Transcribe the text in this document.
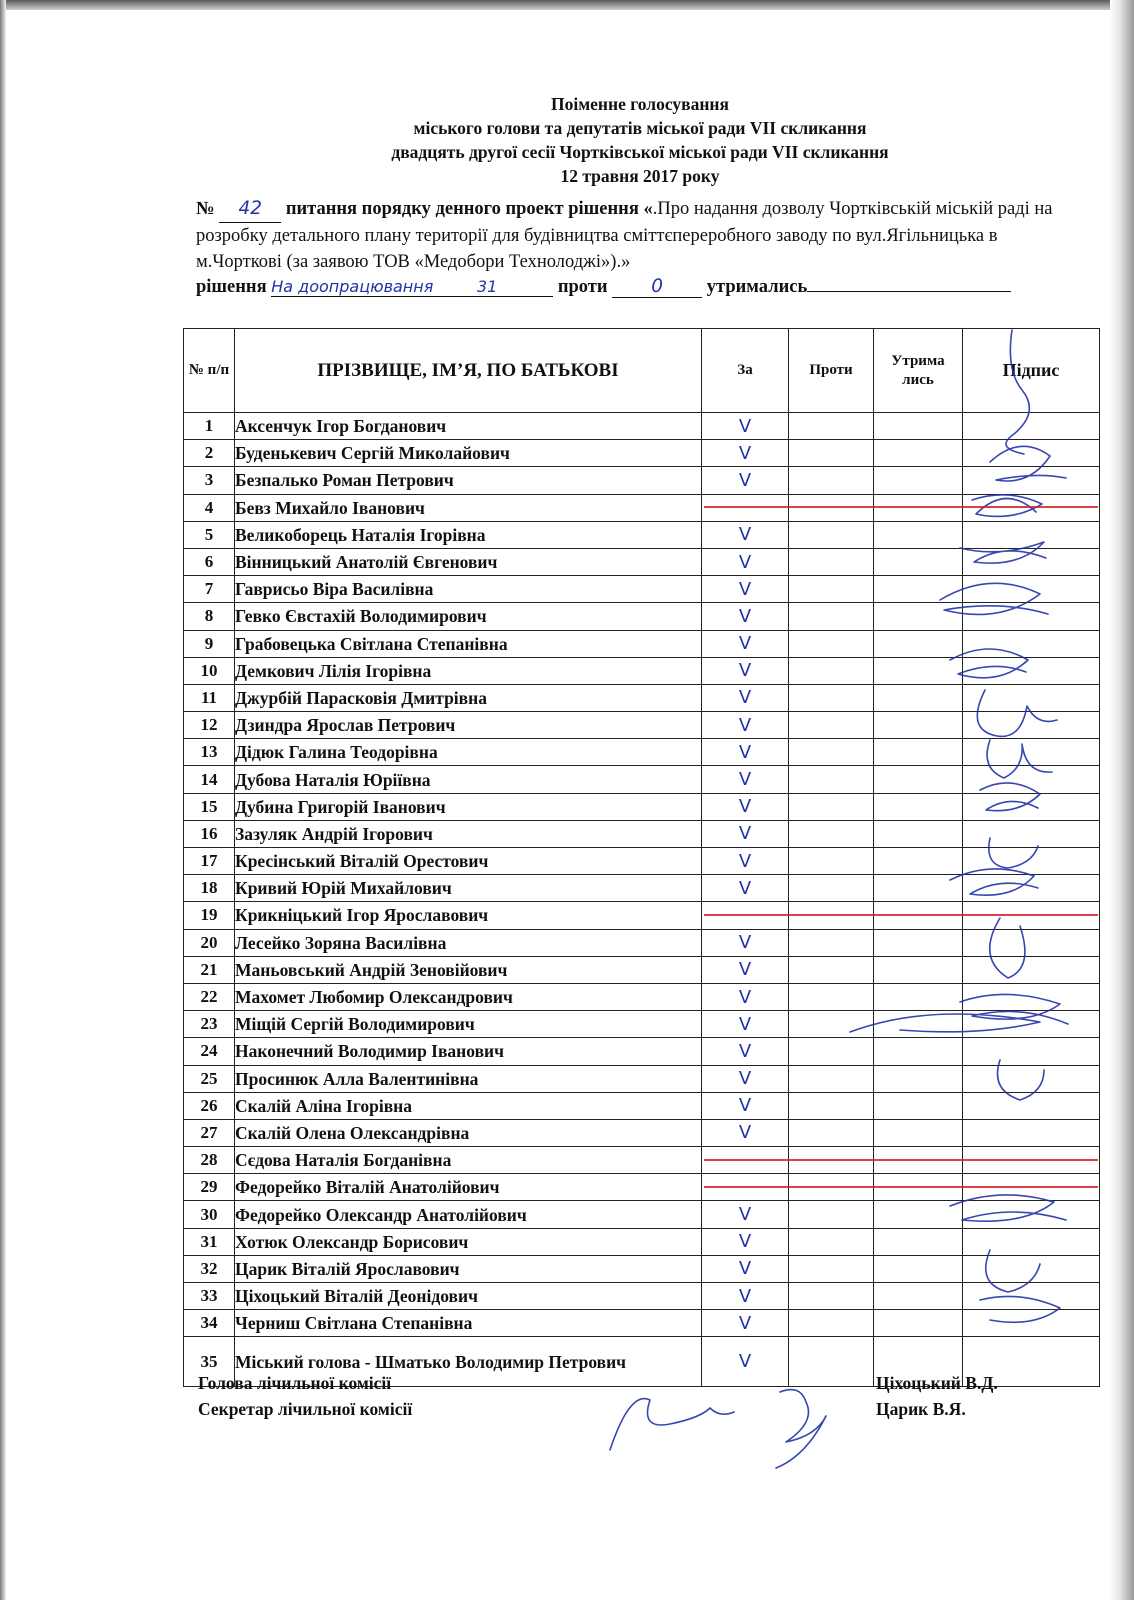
Поіменне голосування
міського голови та депутатів міської ради VII скликання
двадцять другої сесії Чортківської міської ради VII скликання
12 травня 2017 року
№ 42 питання порядку денного проект рішення «.Про надання дозволу Чортківській міській раді на розробку детального плану території для будівництва сміттєпереробного заводу по вул.Ягільницька в м.Чорткові (за заявою ТОВ «Медобори Технолоджі»).»
рішення На доопрацювання	31	проти 0 утримались
№ п/п	ПРІЗВИЩЕ, ІМ’Я, ПО БАТЬКОВІ	За	Проти	Утрима лись	Підпис
1	Аксенчук Ігор Богданович	V			
2	Буденькевич Сергій Миколайович	V			
3	Безпалько Роман Петрович	V			
4	Бевз Михайло Іванович				
5	Великоборець Наталія Ігорівна	V			
6	Вінницький Анатолій Євгенович	V			
7	Гаврисьо Віра Василівна	V			
8	Гевко Євстахій Володимирович	V			
9	Грабовецька Світлана Степанівна	V			
10	Демкович Лілія Ігорівна	V			
11	Джурбій Парасковія Дмитрівна	V			
12	Дзиндра Ярослав Петрович	V			
13	Дідюк Галина Теодорівна	V			
14	Дубова Наталія Юріївна	V			
15	Дубина Григорій Іванович	V			
16	Зазуляк Андрій Ігорович	V			
17	Кресінський Віталій Орестович	V			
18	Кривий Юрій Михайлович	V			
19	Крикніцький Ігор Ярославович				
20	Лесейко Зоряна Василівна	V			
21	Маньовський Андрій Зеновійович	V			
22	Махомет Любомир Олександрович	V			
23	Міщій Сергій Володимирович	V			
24	Наконечний Володимир Іванович	V			
25	Просинюк Алла Валентинівна	V			
26	Скалій Аліна Ігорівна	V			
27	Скалій Олена Олександрівна	V			
28	Сєдова Наталія Богданівна				
29	Федорейко Віталій Анатолійович				
30	Федорейко Олександр Анатолійович	V			
31	Хотюк Олександр Борисович	V			
32	Царик Віталій Ярославович	V			
33	Ціхоцький Віталій Деонідович	V			
34	Черниш Світлана Степанівна	V			
35	Міський голова - Шматько Володимир Петрович	V			
Голова лічильної комісії
Секретар лічильної комісії
Ціхоцький В.Д.
Царик В.Я.
